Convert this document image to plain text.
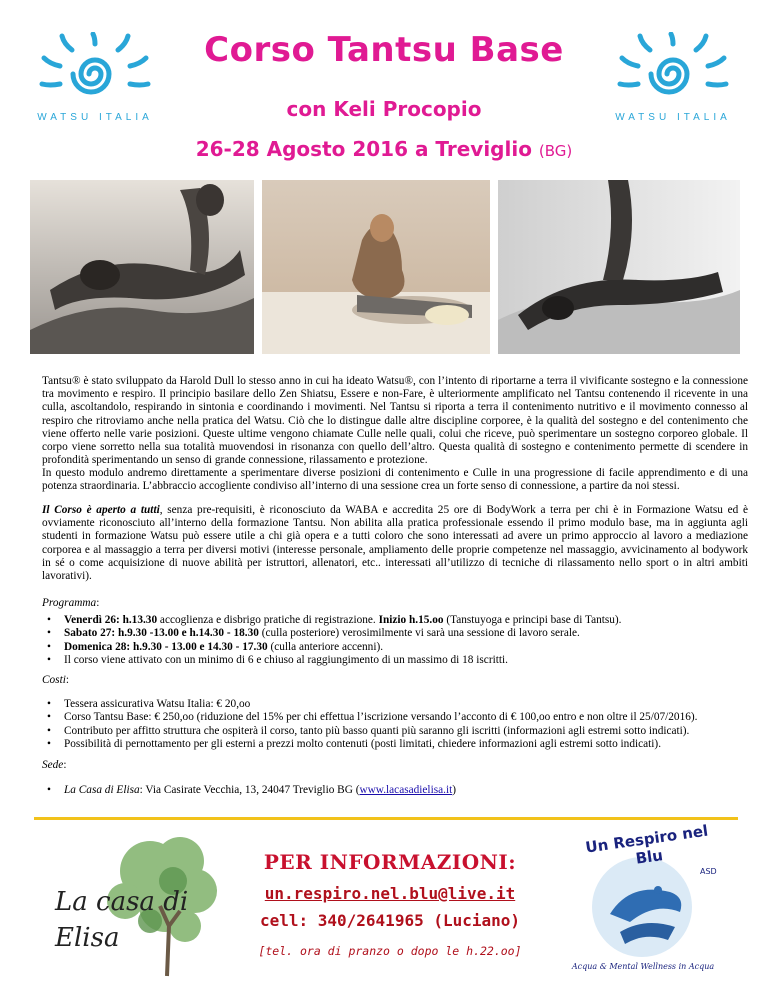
WATSU ITALIA	WATSU ITALIA
Corso Tantsu Base
con Keli Procopio
26-28 Agosto 2016 a Treviglio (BG)

Tantsu® è stato sviluppato da Harold Dull lo stesso anno in cui ha ideato Watsu®, con l’intento di riportarne a terra il vivificante sostegno e la connessione tra movimento e respiro. Il principio basilare dello Zen Shiatsu, Essere e non-Fare, è ulteriormente amplificato nel Tantsu contenendo il ricevente in una culla, ascoltandolo, respirando in sintonia e coordinando i movimenti. Nel Tantsu si riporta a terra il contenimento nutritivo e il movimento connesso al respiro che ritroviamo anche nella pratica del Watsu. Ciò che lo distingue dalle altre discipline corporee, è la qualità del sostegno e del contenimento che viene offerto nelle varie posizioni. Queste ultime vengono chiamate Culle nelle quali, colui che riceve, può sperimentare un sostegno corporeo globale. Il corpo viene sorretto nella sua totalità muovendosi in risonanza con quello dell’altro. Questa qualità di sostegno e contenimento permette di scendere in profondità sperimentando un senso di grande connessione, rilassamento e protezione.

In questo modulo andremo direttamente a sperimentare diverse posizioni di contenimento e Culle in una progressione di facile apprendimento e di una potenza straordinaria. L’abbraccio accogliente condiviso all’interno di una sessione crea un forte senso di connessione, a partire da noi stessi.

Il Corso è aperto a tutti, senza pre-requisiti, è riconosciuto da WABA e accredita 25 ore di BodyWork a terra per chi è in Formazione Watsu ed è ovviamente riconosciuto all’interno della formazione Tantsu. Non abilita alla pratica professionale essendo il primo modulo base, ma in aggiunta agli studenti in formazione Watsu può essere utile a chi già opera e a tutti coloro che sono interessati ad avere un primo approccio al lavoro a mediazione corporea e al massaggio a terra per diversi motivi (interesse personale, ampliamento delle proprie competenze nel massaggio, avvicinamento al bodywork in sé o come acquisizione di nuove abilità per istruttori, allenatori, etc.. interessati all’utilizzo di tecniche di rilassamento nello sport o in altri ambiti lavorativi).

Programma:
• Venerdì 26: h.13.30 accoglienza e disbrigo pratiche di registrazione. Inizio h.15.oo (Tanstuyoga e principi base di Tantsu).
• Sabato 27: h.9.30 -13.00 e h.14.30 - 18.30 (culla posteriore) verosimilmente vi sarà una sessione di lavoro serale.
• Domenica 28: h.9.30 - 13.00 e 14.30 - 17.30 (culla anteriore accenni).
• Il corso viene attivato con un minimo di 6 e chiuso al raggiungimento di un massimo di 18 iscritti.
Costi:
• Tessera assicurativa Watsu Italia: € 20,oo
• Corso Tantsu Base: € 250,oo (riduzione del 15% per chi effettua l’iscrizione versando l’acconto di € 100,oo entro e non oltre il 25/07/2016).
• Contributo per affitto struttura che ospiterà il corso, tanto più basso quanti più saranno gli iscritti (informazioni agli estremi sotto indicati).
• Possibilità di pernottamento per gli esterni a prezzi molto contenuti (posti limitati, chiedere informazioni agli estremi sotto indicati).
Sede:
• La Casa di Elisa: Via Casirate Vecchia, 13, 24047 Treviglio BG (www.lacasadielisa.it)
La casa di Elisa
PER INFORMAZIONI:
un.respiro.nel.blu@live.it
cell: 340/2641965 (Luciano)
[tel. ora di pranzo o dopo le h.22.oo]
Un Respiro nel Blu
ASD
Acqua & Mental Wellness in Acqua
